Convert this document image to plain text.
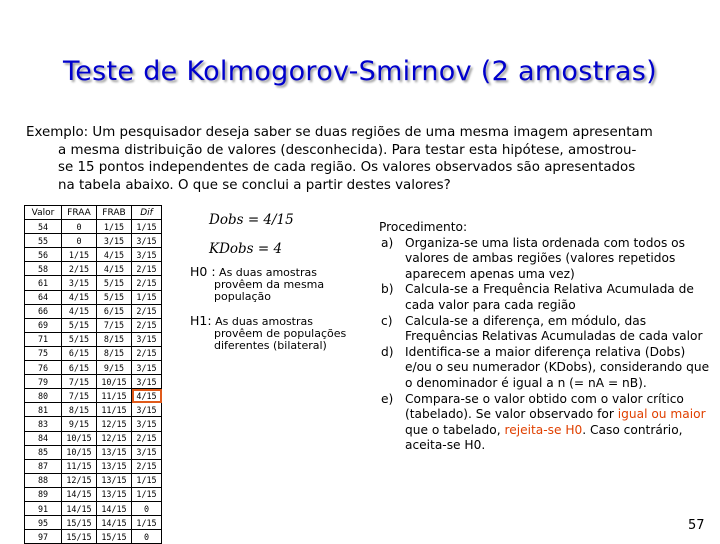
Teste de Kolmogorov-Smirnov (2 amostras)
Exemplo: Um pesquisador deseja saber se duas regiões de uma mesma imagem apresentam
a mesma distribuição de valores (desconhecida). Para testar esta hipótese, amostrou-
se 15 pontos independentes de cada região. Os valores observados são apresentados
na tabela abaixo. O que se conclui a partir destes valores?
Valor	FRAA	FRAB	Dif
54	0	1/15	1/15
55	0	3/15	3/15
56	1/15	4/15	3/15
58	2/15	4/15	2/15
61	3/15	5/15	2/15
64	4/15	5/15	1/15
66	4/15	6/15	2/15
69	5/15	7/15	2/15
71	5/15	8/15	3/15
75	6/15	8/15	2/15
76	6/15	9/15	3/15
79	7/15	10/15	3/15
80	7/15	11/15	4/15
81	8/15	11/15	3/15
83	9/15	12/15	3/15
84	10/15	12/15	2/15
85	10/15	13/15	3/15
87	11/15	13/15	2/15
88	12/15	13/15	1/15
89	14/15	13/15	1/15
91	14/15	14/15	0
95	15/15	14/15	1/15
97	15/15	15/15	0
Dobs = 4/15
KDobs = 4
H0 : As duas amostras
provêem da mesma
população
H1: As duas amostras
provêem de populações
diferentes (bilateral)
Procedimento:
a) Organiza-se uma lista ordenada com todos os valores de ambas regiões (valores repetidos aparecem apenas uma vez)
b) Calcula-se a Frequência Relativa Acumulada de cada valor para cada região
c) Calcula-se a diferença, em módulo, das Frequências Relativas Acumuladas de cada valor
d) Identifica-se a maior diferença relativa (Dobs) e/ou o seu numerador (KDobs), considerando que o denominador é igual a n (= nA = nB).
e) Compara-se o valor obtido com o valor crítico (tabelado). Se valor observado for igual ou maior que o tabelado, rejeita-se H0. Caso contrário, aceita-se H0.
57
